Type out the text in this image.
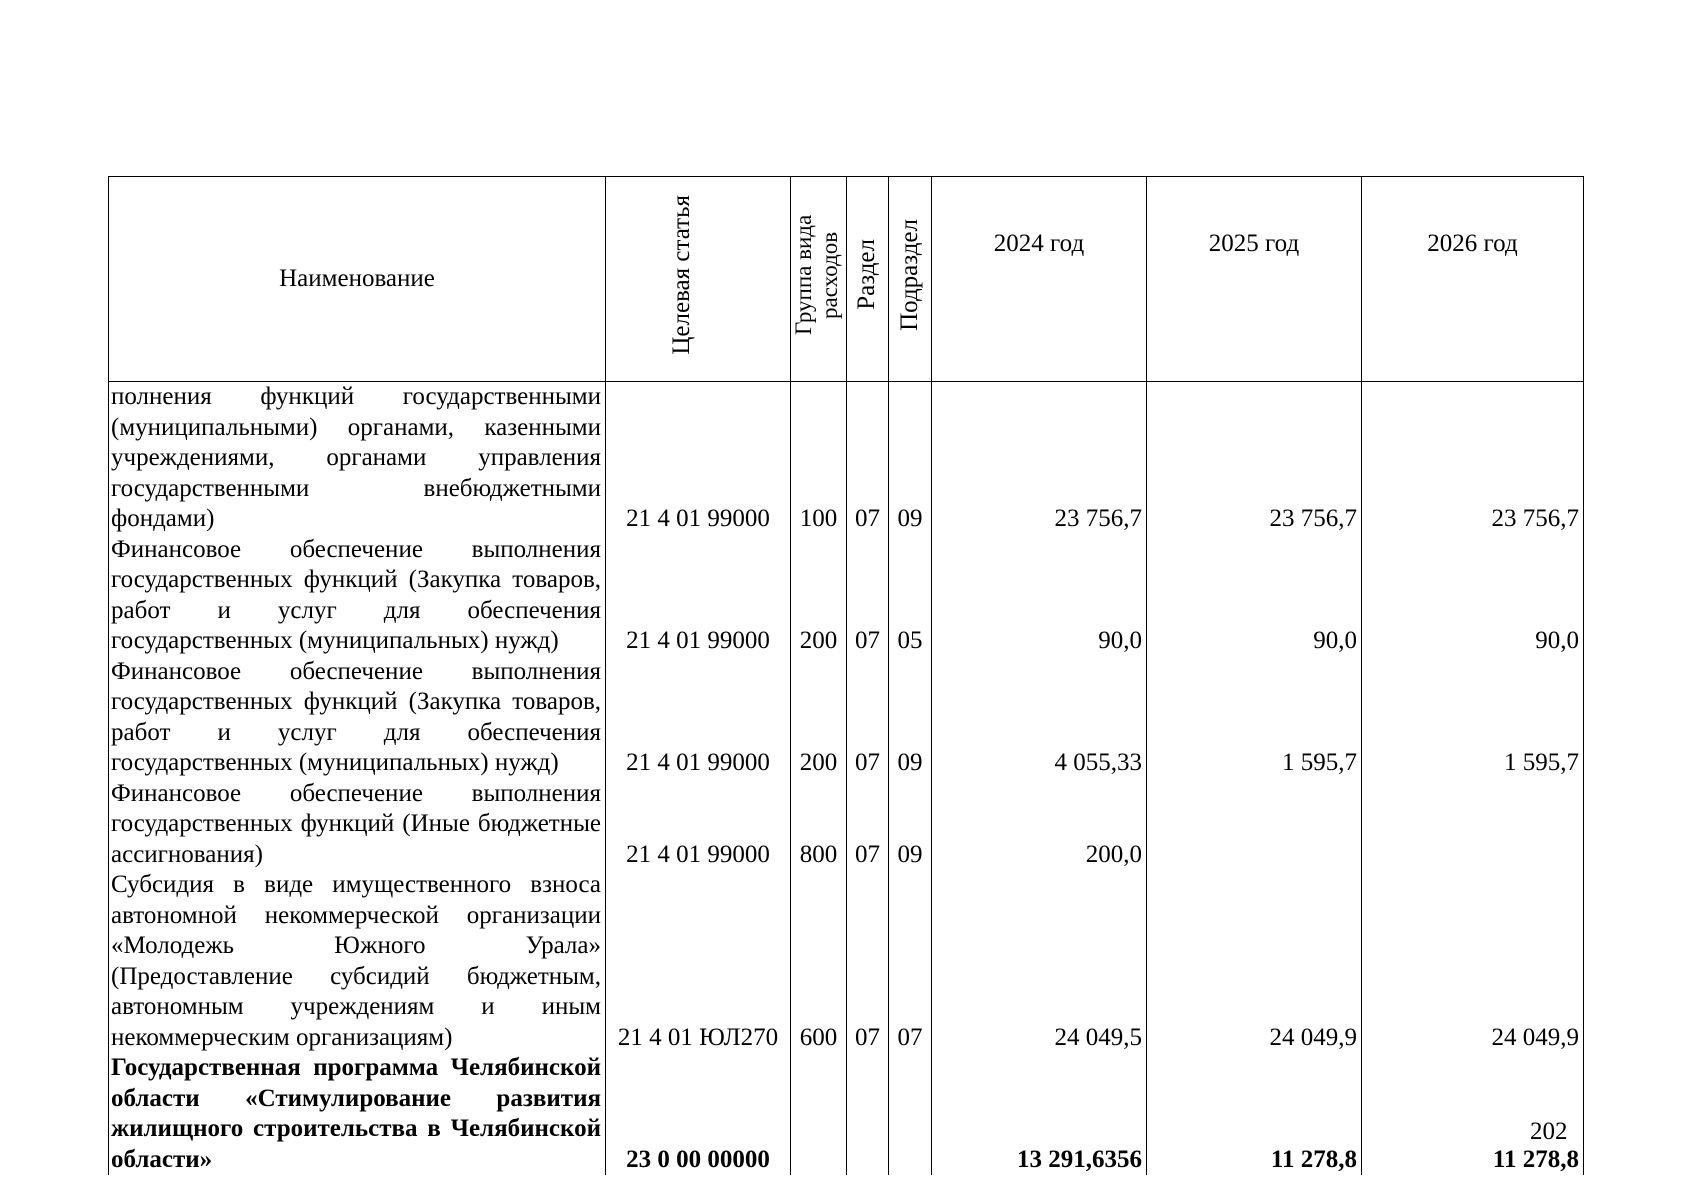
Наименование	Целевая статья	Группа вида расходов	Раздел	Подраздел	2024 год	2025 год	2026 год
полнения функций государственными (муниципальными) органами, казенными учреждениями, органами управления государственными внебюджетными фондами)	21 4 01 99000	100	07	09	23 756,7	23 756,7	23 756,7
Финансовое обеспечение выполнения государственных функций (Закупка товаров, работ и услуг для обеспечения государственных (муниципальных) нужд)	21 4 01 99000	200	07	05	90,0	90,0	90,0
Финансовое обеспечение выполнения государственных функций (Закупка товаров, работ и услуг для обеспечения государственных (муниципальных) нужд)	21 4 01 99000	200	07	09	4 055,33	1 595,7	1 595,7
Финансовое обеспечение выполнения государственных функций (Иные бюджетные ассигнования)	21 4 01 99000	800	07	09	200,0		
Субсидия в виде имущественного взноса автономной некоммерческой организации «Молодежь Южного Урала» (Предоставление субсидий бюджетным, автономным учреждениям и иным некоммерческим организациям)	21 4 01 ЮЛ270	600	07	07	24 049,5	24 049,9	24 049,9
Государственная программа Челябинской области «Стимулирование развития жилищного строительства в Челябинской области»	23 0 00 00000				13 291,6356	11 278,8	11 278,8
202
